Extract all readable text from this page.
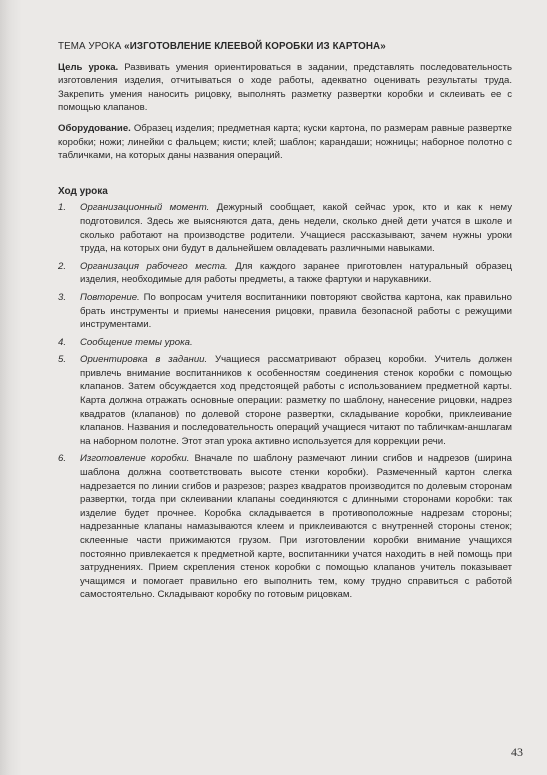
ТЕМА УРОКА «ИЗГОТОВЛЕНИЕ КЛЕЕВОЙ КОРОБКИ ИЗ КАРТОНА»

Цель урока. Развивать умения ориентироваться в задании, представлять последовательность изготовления изделия, отчитываться о ходе работы, адекватно оценивать результаты труда. Закрепить умения наносить рицовку, выполнять разметку развертки коробки и склеивать ее с помощью клапанов.

Оборудование. Образец изделия; предметная карта; куски картона, по размерам равные развертке коробки; ножи; линейки с фальцем; кисти; клей; шаблон; карандаши; ножницы; наборное полотно с табличками, на которых даны названия операций.

Ход урока
1. Организационный момент. Дежурный сообщает, какой сейчас урок, кто и как к нему подготовился. Здесь же выясняются дата, день недели, сколько дней дети учатся в школе и сколько работают на производстве родители. Учащиеся рассказывают, зачем нужны уроки труда, на которых они будут в дальнейшем овладевать различными навыками.
2. Организация рабочего места. Для каждого заранее приготовлен натуральный образец изделия, необходимые для работы предметы, а также фартуки и нарукавники.
3. Повторение. По вопросам учителя воспитанники повторяют свойства картона, как правильно брать инструменты и приемы нанесения рицовки, правила безопасной работы с режущими инструментами.
4. Сообщение темы урока.
5. Ориентировка в задании. Учащиеся рассматривают образец коробки. Учитель должен привлечь внимание воспитанников к особенностям соединения стенок коробки с помощью клапанов. Затем обсуждается ход предстоящей работы с использованием предметной карты. Карта должна отражать основные операции: разметку по шаблону, нанесение рицовки, надрез квадратов (клапанов) по долевой стороне развертки, складывание коробки, приклеивание клапанов. Названия и последовательность операций учащиеся читают по табличкам-аншлагам на наборном полотне. Этот этап урока активно используется для коррекции речи.
6. Изготовление коробки. Вначале по шаблону размечают линии сгибов и надрезов (ширина шаблона должна соответствовать высоте стенки коробки). Размеченный картон слегка надрезается по линии сгибов и разрезов; разрез квадратов производится по долевым сторонам развертки, тогда при склеивании клапаны соединяются с длинными сторонами коробки: так изделие будет прочнее. Коробка складывается в противоположные надрезам стороны; надрезанные клапаны намазываются клеем и приклеиваются с внутренней стороны стенок; склеенные части прижимаются грузом. При изготовлении коробки внимание учащихся постоянно привлекается к предметной карте, воспитанники учатся находить в ней помощь при затруднениях. Прием скрепления стенок коробки с помощью клапанов учитель показывает учащимся и помогает правильно его выполнить тем, кому трудно справиться с работой самостоятельно. Складывают коробку по готовым рицовкам.
43
